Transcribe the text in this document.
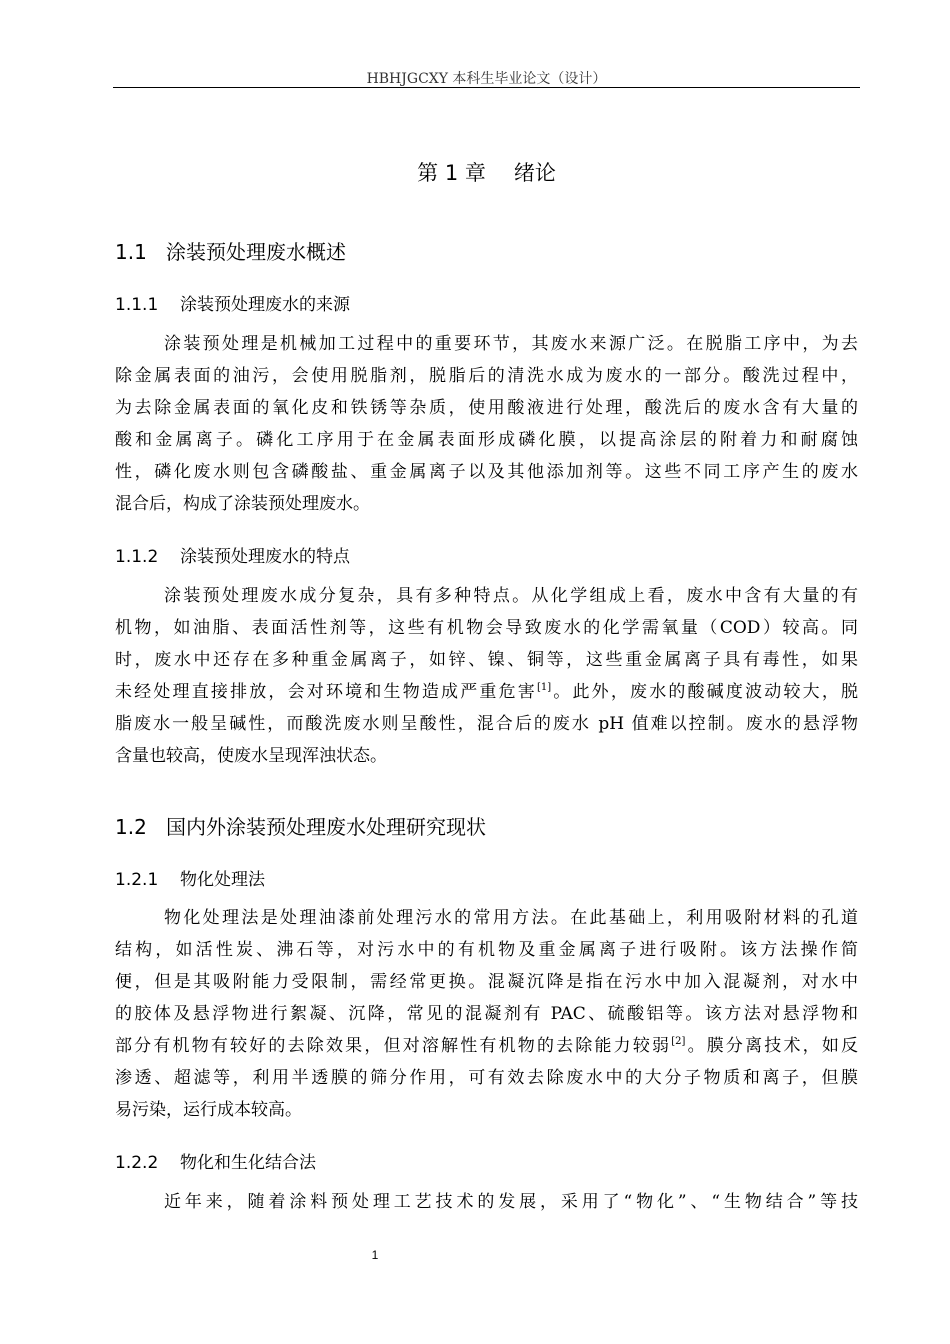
HBHJGCXY 本科生毕业论文（设计）
第 1 章 绪论
1.1 涂装预处理废水概述
1.1.1 涂装预处理废水的来源
涂装预处理是机械加工过程中的重要环节，其废水来源广泛。在脱脂工序中，为去
除金属表面的油污，会使用脱脂剂，脱脂后的清洗水成为废水的一部分。酸洗过程中，
为去除金属表面的氧化皮和铁锈等杂质，使用酸液进行处理，酸洗后的废水含有大量的
酸和金属离子。磷化工序用于在金属表面形成磷化膜，以提高涂层的附着力和耐腐蚀
性，磷化废水则包含磷酸盐、重金属离子以及其他添加剂等。这些不同工序产生的废水
混合后，构成了涂装预处理废水。
1.1.2 涂装预处理废水的特点
涂装预处理废水成分复杂，具有多种特点。从化学组成上看，废水中含有大量的有
机物，如油脂、表面活性剂等，这些有机物会导致废水的化学需氧量（COD）较高。同
时，废水中还存在多种重金属离子，如锌、镍、铜等，这些重金属离子具有毒性，如果
未经处理直接排放，会对环境和生物造成严重危害[1]。此外，废水的酸碱度波动较大，脱
脂废水一般呈碱性，而酸洗废水则呈酸性，混合后的废水 pH 值难以控制。废水的悬浮物
含量也较高，使废水呈现浑浊状态。
1.2 国内外涂装预处理废水处理研究现状
1.2.1 物化处理法
物化处理法是处理油漆前处理污水的常用方法。在此基础上，利用吸附材料的孔道
结构，如活性炭、沸石等，对污水中的有机物及重金属离子进行吸附。该方法操作简
便，但是其吸附能力受限制，需经常更换。混凝沉降是指在污水中加入混凝剂，对水中
的胶体及悬浮物进行絮凝、沉降，常见的混凝剂有 PAC、硫酸铝等。该方法对悬浮物和
部分有机物有较好的去除效果，但对溶解性有机物的去除能力较弱[2]。膜分离技术，如反
渗透、超滤等，利用半透膜的筛分作用，可有效去除废水中的大分子物质和离子，但膜
易污染，运行成本较高。
1.2.2 物化和生化结合法
近年来，随着涂料预处理工艺技术的发展，采用了“物化”、“生物结合”等技
1
